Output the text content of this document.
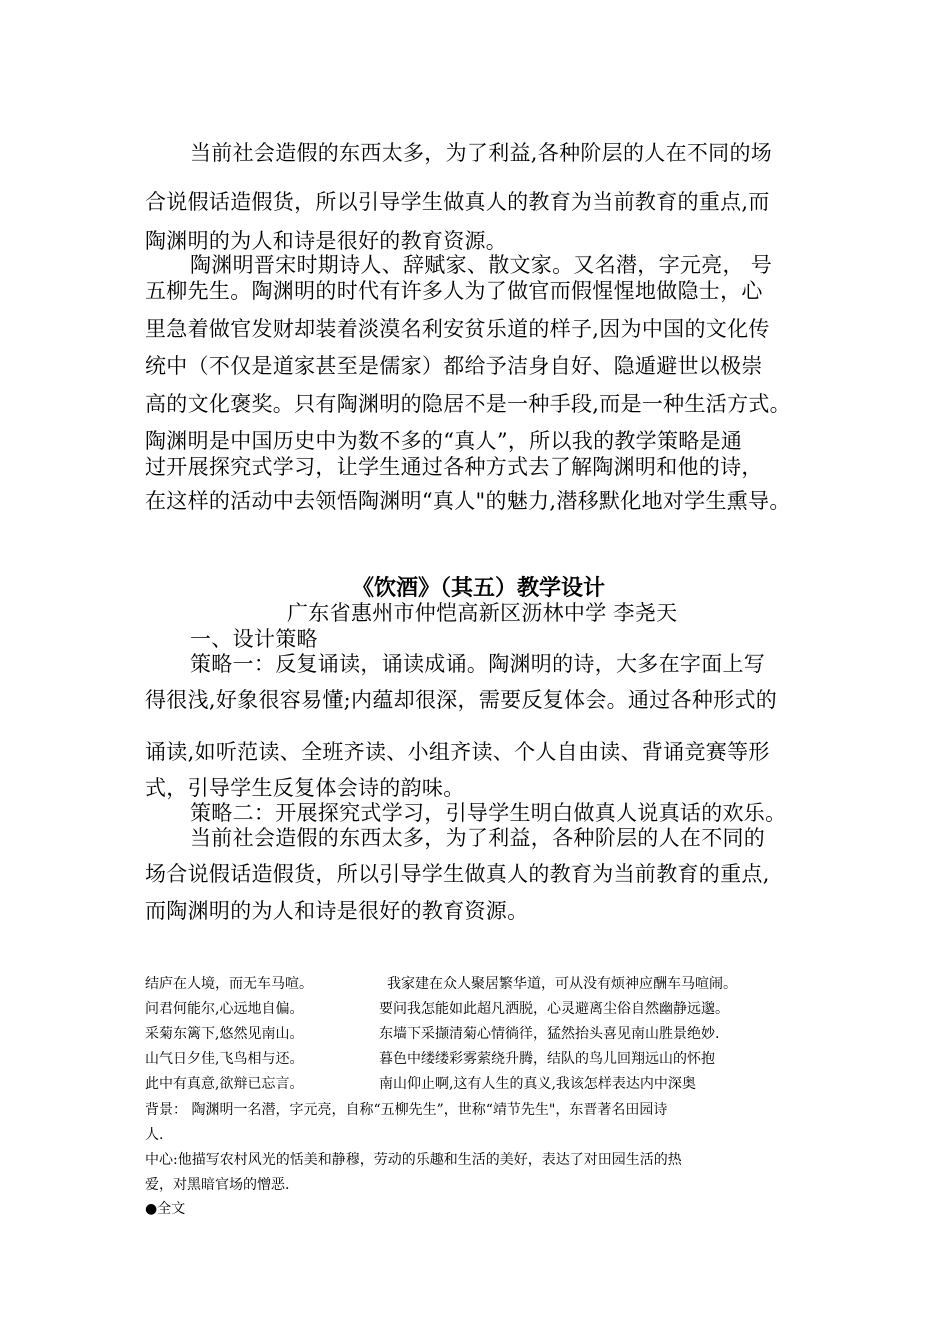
当前社会造假的东西太多，为了利益,各种阶层的人在不同的场
合说假话造假货，所以引导学生做真人的教育为当前教育的重点,而
陶渊明的为人和诗是很好的教育资源。
陶渊明晋宋时期诗人、辞赋家、散文家。又名潜，字元亮， 号
五柳先生。陶渊明的时代有许多人为了做官而假惺惺地做隐士，心
里急着做官发财却装着淡漠名利安贫乐道的样子,因为中国的文化传
统中（不仅是道家甚至是儒家）都给予洁身自好、隐遁避世以极崇
高的文化褒奖。只有陶渊明的隐居不是一种手段,而是一种生活方式。
陶渊明是中国历史中为数不多的“真人”，所以我的教学策略是通
过开展探究式学习，让学生通过各种方式去了解陶渊明和他的诗，
在这样的活动中去领悟陶渊明“真人"的魅力,潜移默化地对学生熏导。
《饮酒》（其五）教学设计
广东省惠州市仲恺高新区沥林中学 李尧天
一、设计策略
策略一：反复诵读，诵读成诵。陶渊明的诗，大多在字面上写
得很浅,好象很容易懂;内蕴却很深，需要反复体会。通过各种形式的
诵读,如听范读、全班齐读、小组齐读、个人自由读、背诵竞赛等形
式，引导学生反复体会诗的韵味。
策略二：开展探究式学习，引导学生明白做真人说真话的欢乐。
当前社会造假的东西太多，为了利益，各种阶层的人在不同的
场合说假话造假货，所以引导学生做真人的教育为当前教育的重点,
而陶渊明的为人和诗是很好的教育资源。
结庐在人境，而无车马喧。	我家建在众人聚居繁华道，可从没有烦神应酬车马喧闹。
问君何能尔,心远地自偏。	要问我怎能如此超凡洒脱，心灵避离尘俗自然幽静远邈。
采菊东篱下,悠然见南山。	东墙下采撷清菊心情徜徉，猛然抬头喜见南山胜景绝妙.
山气日夕佳,飞鸟相与还。	暮色中缕缕彩雾萦绕升腾，结队的鸟儿回翔远山的怀抱
此中有真意,欲辩已忘言。	南山仰止啊,这有人生的真义,我该怎样表达内中深奥
背景： 陶渊明一名潜，字元亮，自称“五柳先生”，世称“靖节先生"，东晋著名田园诗
人.
中心:他描写农村风光的恬美和静穆，劳动的乐趣和生活的美好，表达了对田园生活的热
爱，对黑暗官场的憎恶.
●全文
